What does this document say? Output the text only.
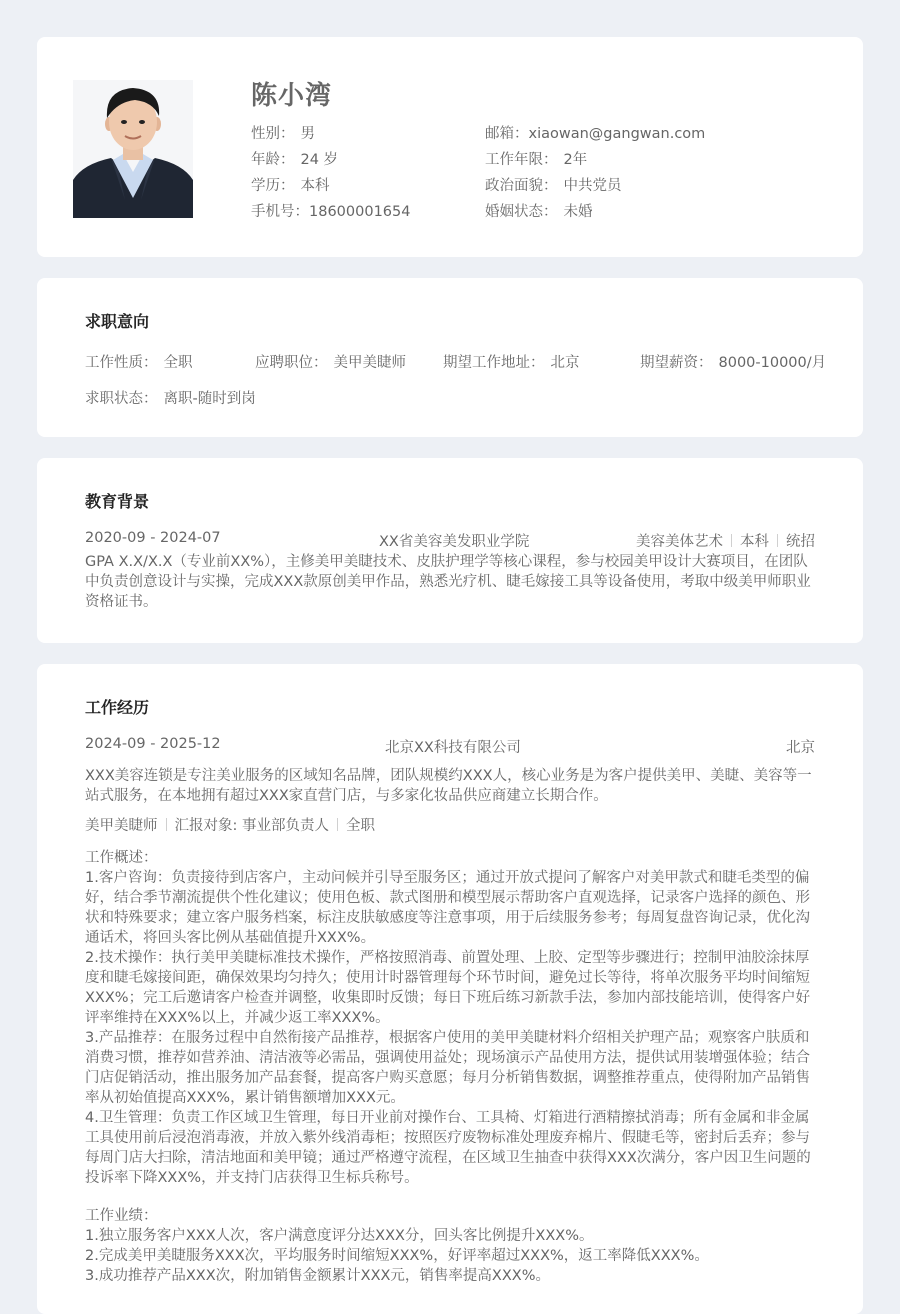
陈小湾
性别： 男
年龄： 24 岁
学历： 本科
手机号：18600001654
邮箱：xiaowan@gangwan.com
工作年限： 2年
政治面貌： 中共党员
婚姻状态： 未婚
求职意向
工作性质： 全职	应聘职位： 美甲美睫师	期望工作地址： 北京	期望薪资： 8000-10000/月
求职状态： 离职-随时到岗
教育背景
2020-09 - 2024-07	XX省美容美发职业学院	美容美体艺术 本科 统招
GPA X.X/X.X（专业前XX%），主修美甲美睫技术、皮肤护理学等核心课程，参与校园美甲设计大赛项目，在团队中负责创意设计与实操，完成XXX款原创美甲作品，熟悉光疗机、睫毛嫁接工具等设备使用，考取中级美甲师职业资格证书。
工作经历
2024-09 - 2025-12	北京XX科技有限公司	北京
XXX美容连锁是专注美业服务的区域知名品牌，团队规模约XXX人，核心业务是为客户提供美甲、美睫、美容等一站式服务，在本地拥有超过XXX家直营门店，与多家化妆品供应商建立长期合作。
美甲美睫师 汇报对象: 事业部负责人 全职
工作概述：
1.客户咨询：负责接待到店客户，主动问候并引导至服务区；通过开放式提问了解客户对美甲款式和睫毛类型的偏好，结合季节潮流提供个性化建议；使用色板、款式图册和模型展示帮助客户直观选择，记录客户选择的颜色、形状和特殊要求；建立客户服务档案，标注皮肤敏感度等注意事项，用于后续服务参考；每周复盘咨询记录，优化沟通话术，将回头客比例从基础值提升XXX%。
2.技术操作：执行美甲美睫标准技术操作，严格按照消毒、前置处理、上胶、定型等步骤进行；控制甲油胶涂抹厚度和睫毛嫁接间距，确保效果均匀持久；使用计时器管理每个环节时间，避免过长等待，将单次服务平均时间缩短XXX%；完工后邀请客户检查并调整，收集即时反馈；每日下班后练习新款手法，参加内部技能培训，使得客户好评率维持在XXX%以上，并减少返工率XXX%。
3.产品推荐：在服务过程中自然衔接产品推荐，根据客户使用的美甲美睫材料介绍相关护理产品；观察客户肤质和消费习惯，推荐如营养油、清洁液等必需品，强调使用益处；现场演示产品使用方法，提供试用装增强体验；结合门店促销活动，推出服务加产品套餐，提高客户购买意愿；每月分析销售数据，调整推荐重点，使得附加产品销售率从初始值提高XXX%，累计销售额增加XXX元。
4.卫生管理：负责工作区域卫生管理，每日开业前对操作台、工具椅、灯箱进行酒精擦拭消毒；所有金属和非金属工具使用前后浸泡消毒液，并放入紫外线消毒柜；按照医疗废物标准处理废弃棉片、假睫毛等，密封后丢弃；参与每周门店大扫除，清洁地面和美甲镜；通过严格遵守流程，在区域卫生抽查中获得XXX次满分，客户因卫生问题的投诉率下降XXX%，并支持门店获得卫生标兵称号。
工作业绩：
1.独立服务客户XXX人次，客户满意度评分达XXX分，回头客比例提升XXX%。
2.完成美甲美睫服务XXX次，平均服务时间缩短XXX%，好评率超过XXX%，返工率降低XXX%。
3.成功推荐产品XXX次，附加销售金额累计XXX元，销售率提高XXX%。
